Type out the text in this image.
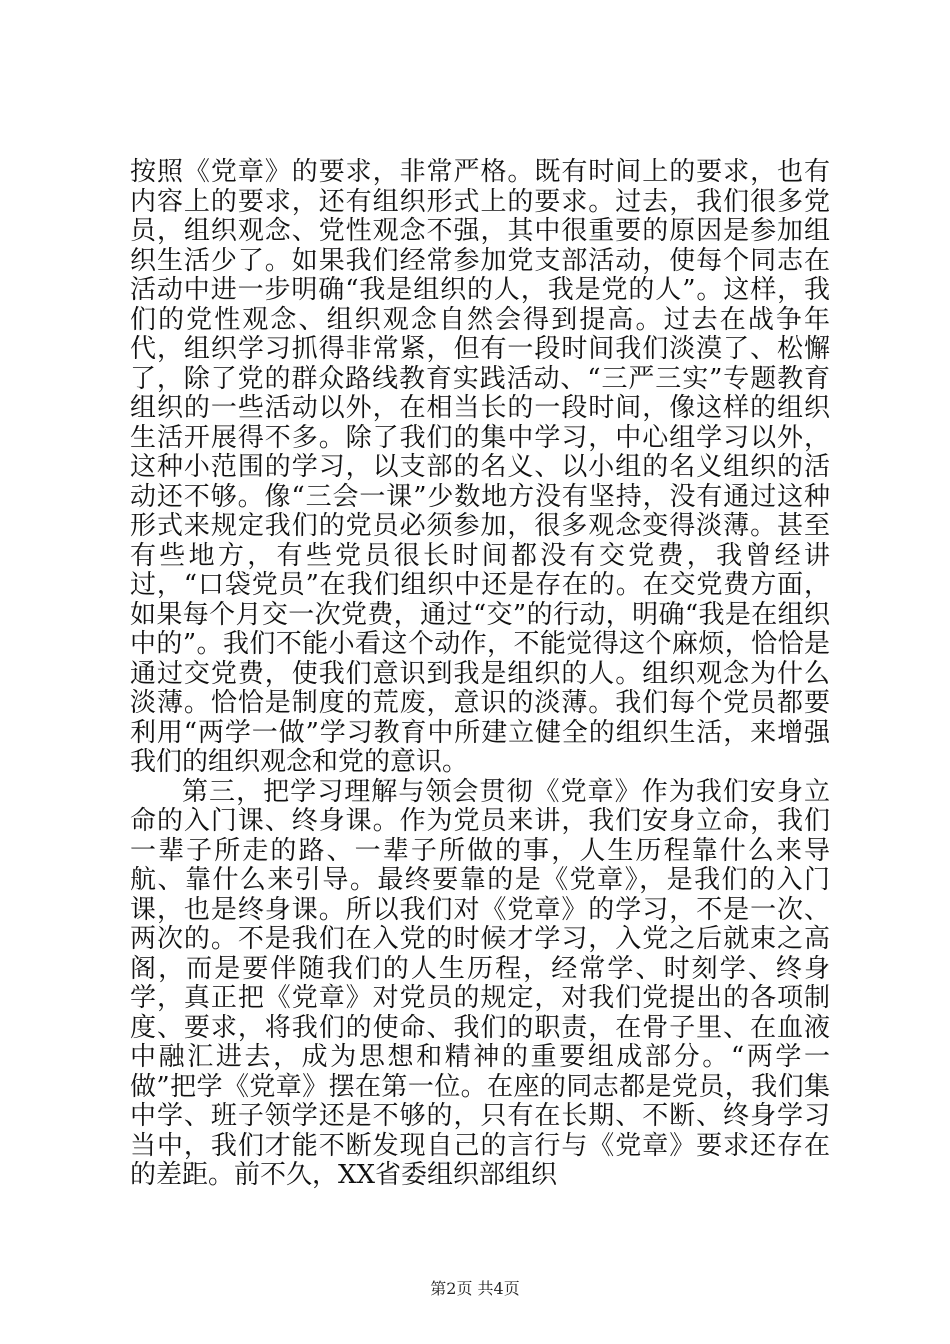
按照《党章》的要求，非常严格。既有时间上的要求，也有内容上的要求，还有组织形式上的要求。过去，我们很多党员，组织观念、党性观念不强，其中很重要的原因是参加组织生活少了。如果我们经常参加党支部活动，使每个同志在活动中进一步明确“我是组织的人，我是党的人”。这样，我们的党性观念、组织观念自然会得到提高。过去在战争年代，组织学习抓得非常紧，但有一段时间我们淡漠了、松懈了，除了党的群众路线教育实践活动、“三严三实”专题教育组织的一些活动以外，在相当长的一段时间，像这样的组织生活开展得不多。除了我们的集中学习，中心组学习以外，这种小范围的学习，以支部的名义、以小组的名义组织的活动还不够。像“三会一课”少数地方没有坚持，没有通过这种形式来规定我们的党员必须参加，很多观念变得淡薄。甚至有些地方，有些党员很长时间都没有交党费，我曾经讲过，“口袋党员”在我们组织中还是存在的。在交党费方面，如果每个月交一次党费，通过“交”的行动，明确“我是在组织中的”。我们不能小看这个动作，不能觉得这个麻烦，恰恰是通过交党费，使我们意识到我是组织的人。组织观念为什么淡薄。恰恰是制度的荒废，意识的淡薄。我们每个党员都要利用“两学一做”学习教育中所建立健全的组织生活，来增强我们的组织观念和党的意识。

第三，把学习理解与领会贯彻《党章》作为我们安身立命的入门课、终身课。作为党员来讲，我们安身立命，我们一辈子所走的路、一辈子所做的事，人生历程靠什么来导航、靠什么来引导。最终要靠的是《党章》，是我们的入门课，也是终身课。所以我们对《党章》的学习，不是一次、两次的。不是我们在入党的时候才学习，入党之后就束之高阁，而是要伴随我们的人生历程，经常学、时刻学、终身学，真正把《党章》对党员的规定，对我们党提出的各项制度、要求，将我们的使命、我们的职责，在骨子里、在血液中融汇进去，成为思想和精神的重要组成部分。“两学一做”把学《党章》摆在第一位。在座的同志都是党员，我们集中学、班子领学还是不够的，只有在长期、不断、终身学习当中，我们才能不断发现自己的言行与《党章》要求还存在的差距。前不久，XX省委组织部组织

第2页 共4页
